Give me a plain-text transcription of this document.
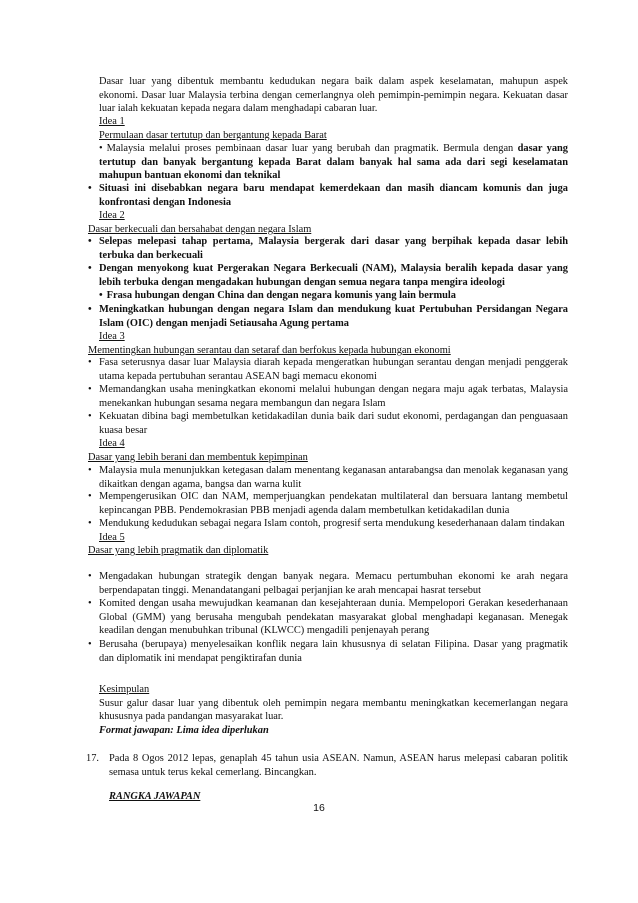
Dasar luar yang dibentuk membantu kedudukan negara baik dalam aspek keselamatan, mahupun aspek ekonomi. Dasar luar Malaysia terbina dengan cemerlangnya oleh pemimpin-pemimpin negara. Kekuatan dasar luar ialah kekuatan kepada negara dalam menghadapi cabaran luar.

Idea 1

Permulaan dasar tertutup dan bergantung kepada Barat

• Malaysia melalui proses pembinaan dasar luar yang berubah dan pragmatik. Bermula dengan dasar yang tertutup dan banyak bergantung kepada Barat dalam banyak hal sama ada dari segi keselamatan mahupun bantuan ekonomi dan teknikal

• Situasi ini disebabkan negara baru mendapat kemerdekaan dan masih diancam komunis dan juga konfrontasi dengan Indonesia

Idea 2

Dasar berkecuali dan bersahabat dengan negara Islam

• Selepas melepasi tahap pertama, Malaysia bergerak dari dasar yang berpihak kepada dasar lebih terbuka dan berkecuali

• Dengan menyokong kuat Pergerakan Negara Berkecuali (NAM), Malaysia beralih kepada dasar yang lebih terbuka dengan mengadakan hubungan dengan semua negara tanpa mengira ideologi

• Frasa hubungan dengan China dan dengan negara komunis yang lain bermula

• Meningkatkan hubungan dengan negara Islam dan mendukung kuat Pertubuhan Persidangan Negara Islam (OIC) dengan menjadi Setiausaha Agung pertama

Idea 3

Mementingkan hubungan serantau dan setaraf dan berfokus kepada hubungan ekonomi

• Fasa seterusnya dasar luar Malaysia diarah kepada mengeratkan hubungan serantau dengan menjadi penggerak utama kepada pertubuhan serantau ASEAN bagi memacu ekonomi

• Memandangkan usaha meningkatkan ekonomi melalui hubungan dengan negara maju agak terbatas, Malaysia menekankan hubungan sesama negara membangun dan negara Islam

• Kekuatan dibina bagi membetulkan ketidakadilan dunia baik dari sudut ekonomi, perdagangan dan penguasaan kuasa besar

Idea 4

Dasar yang lebih berani dan membentuk kepimpinan

• Malaysia mula menunjukkan ketegasan dalam menentang keganasan antarabangsa dan menolak keganasan yang dikaitkan dengan agama, bangsa dan warna kulit

• Mempengerusikan OIC dan NAM, memperjuangkan pendekatan multilateral dan bersuara lantang membetul kepincangan PBB. Pendemokrasian PBB menjadi agenda dalam membetulkan ketidakadilan dunia

• Mendukung kedudukan sebagai negara Islam contoh, progresif serta mendukung kesederhanaan dalam tindakan

Idea 5

Dasar yang lebih pragmatik dan diplomatik

• Mengadakan hubungan strategik dengan banyak negara. Memacu pertumbuhan ekonomi ke arah negara berpendapatan tinggi. Menandatangani pelbagai perjanjian ke arah mencapai hasrat tersebut

• Komited dengan usaha mewujudkan keamanan dan kesejahteraan dunia. Mempelopori Gerakan kesederhanaan Global (GMM) yang berusaha mengubah pendekatan masyarakat global menghadapi keganasan. Menegak keadilan dengan menubuhkan tribunal (KLWCC) mengadili penjenayah perang

• Berusaha (berupaya) menyelesaikan konflik negara lain khususnya di selatan Filipina. Dasar yang pragmatik dan diplomatik ini mendapat pengiktirafan dunia

Kesimpulan

Susur galur dasar luar yang dibentuk oleh pemimpin negara membantu meningkatkan kecemerlangan negara khususnya pada pandangan masyarakat luar.

Format jawapan: Lima idea diperlukan

17. Pada 8 Ogos 2012 lepas, genaplah 45 tahun usia ASEAN. Namun, ASEAN harus melepasi cabaran politik semasa untuk terus kekal cemerlang. Bincangkan.

RANGKA JAWAPAN

16
